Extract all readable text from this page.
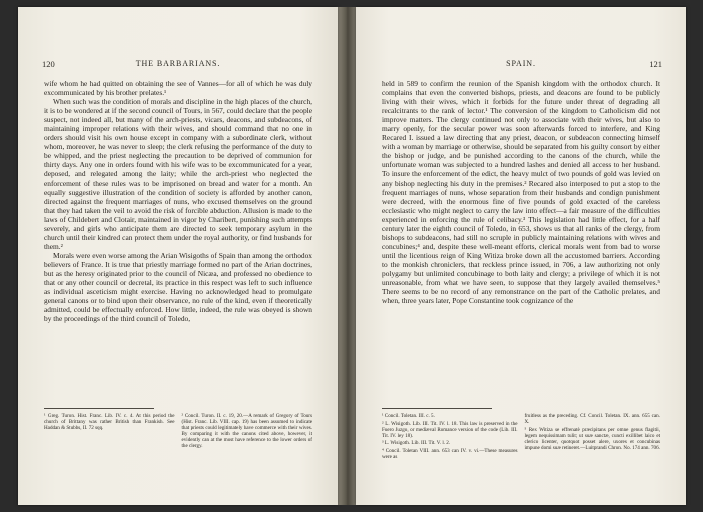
120	THE BARBARIANS.

wife whom he had quitted on obtaining the see of Vannes—for all of which he was duly excommunicated by his brother prelates.¹

When such was the condition of morals and discipline in the high places of the church, it is to be wondered at if the second council of Tours, in 567, could declare that the people suspect, not indeed all, but many of the arch-priests, vicars, deacons, and subdeacons, of maintaining improper relations with their wives, and should command that no one in orders should visit his own house except in company with a subordinate clerk, without whom, moreover, he was never to sleep; the clerk refusing the performance of the duty to be whipped, and the priest neglecting the precaution to be deprived of communion for thirty days. Any one in orders found with his wife was to be excommunicated for a year, deposed, and relegated among the laity; while the arch-priest who neglected the enforcement of these rules was to be imprisoned on bread and water for a month. An equally suggestive illustration of the condition of society is afforded by another canon, directed against the frequent marriages of nuns, who excused themselves on the ground that they had taken the veil to avoid the risk of forcible abduction. Allusion is made to the laws of Childebert and Clotair, maintained in vigor by Charibert, punishing such attempts severely, and girls who anticipate them are directed to seek temporary asylum in the church until their kindred can protect them under the royal authority, or find husbands for them.²

Morals were even worse among the Arian Wisigoths of Spain than among the orthodox believers of France. It is true that priestly marriage formed no part of the Arian doctrines, but as the heresy originated prior to the council of Nicæa, and professed no obedience to that or any other council or decretal, its practice in this respect was left to such influence as individual asceticism might exercise. Having no acknowledged head to promulgate general canons or to bind upon their observance, no rule of the kind, even if theoretically admitted, could be effectually enforced. How little, indeed, the rule was obeyed is shown by the proceedings of the third council of Toledo,

¹ Greg. Turon. Hist. Franc. Lib. IV. c. 4. At this period the church of Brittany was rather British than Frankish. See Haddan & Stubbs, II. 72 sqq.

² Concil. Turon. II. c. 19, 20.—A remark of Gregory of Tours (Hist. Franc. Lib. VIII. cap. 19) has been assumed to indicate that priests could legitimately have commerce with their wives. By comparing it with the canons cited above, however, it evidently can at the most have reference to the lower orders of the clergy.

SPAIN.	121

held in 589 to confirm the reunion of the Spanish kingdom with the orthodox church. It complains that even the converted bishops, priests, and deacons are found to be publicly living with their wives, which it forbids for the future under threat of degrading all recalcitrants to the rank of lector.¹ The conversion of the kingdom to Catholicism did not improve matters. The clergy continued not only to associate with their wives, but also to marry openly, for the secular power was soon afterwards forced to interfere, and King Recared I. issued a law directing that any priest, deacon, or subdeacon connecting himself with a woman by marriage or otherwise, should be separated from his guilty consort by either the bishop or judge, and be punished according to the canons of the church, while the unfortunate woman was subjected to a hundred lashes and denied all access to her husband. To insure the enforcement of the edict, the heavy mulct of two pounds of gold was levied on any bishop neglecting his duty in the premises.² Recared also interposed to put a stop to the frequent marriages of nuns, whose separation from their husbands and condign punishment were decreed, with the enormous fine of five pounds of gold exacted of the careless ecclesiastic who might neglect to carry the law into effect—a fair measure of the difficulties experienced in enforcing the rule of celibacy.³ This legislation had little effect, for a half century later the eighth council of Toledo, in 653, shows us that all ranks of the clergy, from bishops to subdeacons, had still no scruple in publicly maintaining relations with wives and concubines;⁴ and, despite these well-meant efforts, clerical morals went from bad to worse until the licentious reign of King Witiza broke down all the accustomed barriers. According to the monkish chroniclers, that reckless prince issued, in 706, a law authorizing not only polygamy but unlimited concubinage to both laity and clergy; a privilege of which it is not unreasonable, from what we have seen, to suppose that they largely availed themselves.⁵ There seems to be no record of any remonstrance on the part of the Catholic prelates, and when, three years later, Pope Constantine took cognizance of the

¹ Concil. Toletan. III. c. 5.

² L. Wisigoth. Lib. III. Tit. IV. l. 18. This law is preserved in the Fuero Juzgo, or mediæval Romance version of the code (Lib. III. Tit. IV. ley 18).

³ L. Wisigoth. Lib. III. Tit. V. l. 2.

⁴ Concil. Toletan VIII. ann. 653 can IV. v. vi.—These measures were as

fruitless as the preceding. Cf. Concil. Toletan. IX. ann. 655 can. X.

⁵ Rex Witiza se effrenatè præcipitans per omne genus flagitii, legem nequissimam tulit; ut suæ sanctæ, cuncti exillibet laico et clerico licenter, quotquot posset alere, uxores et concubinas impune domi suæ retineret.—Luitprandi Chron. No. 174 ann. 706.
